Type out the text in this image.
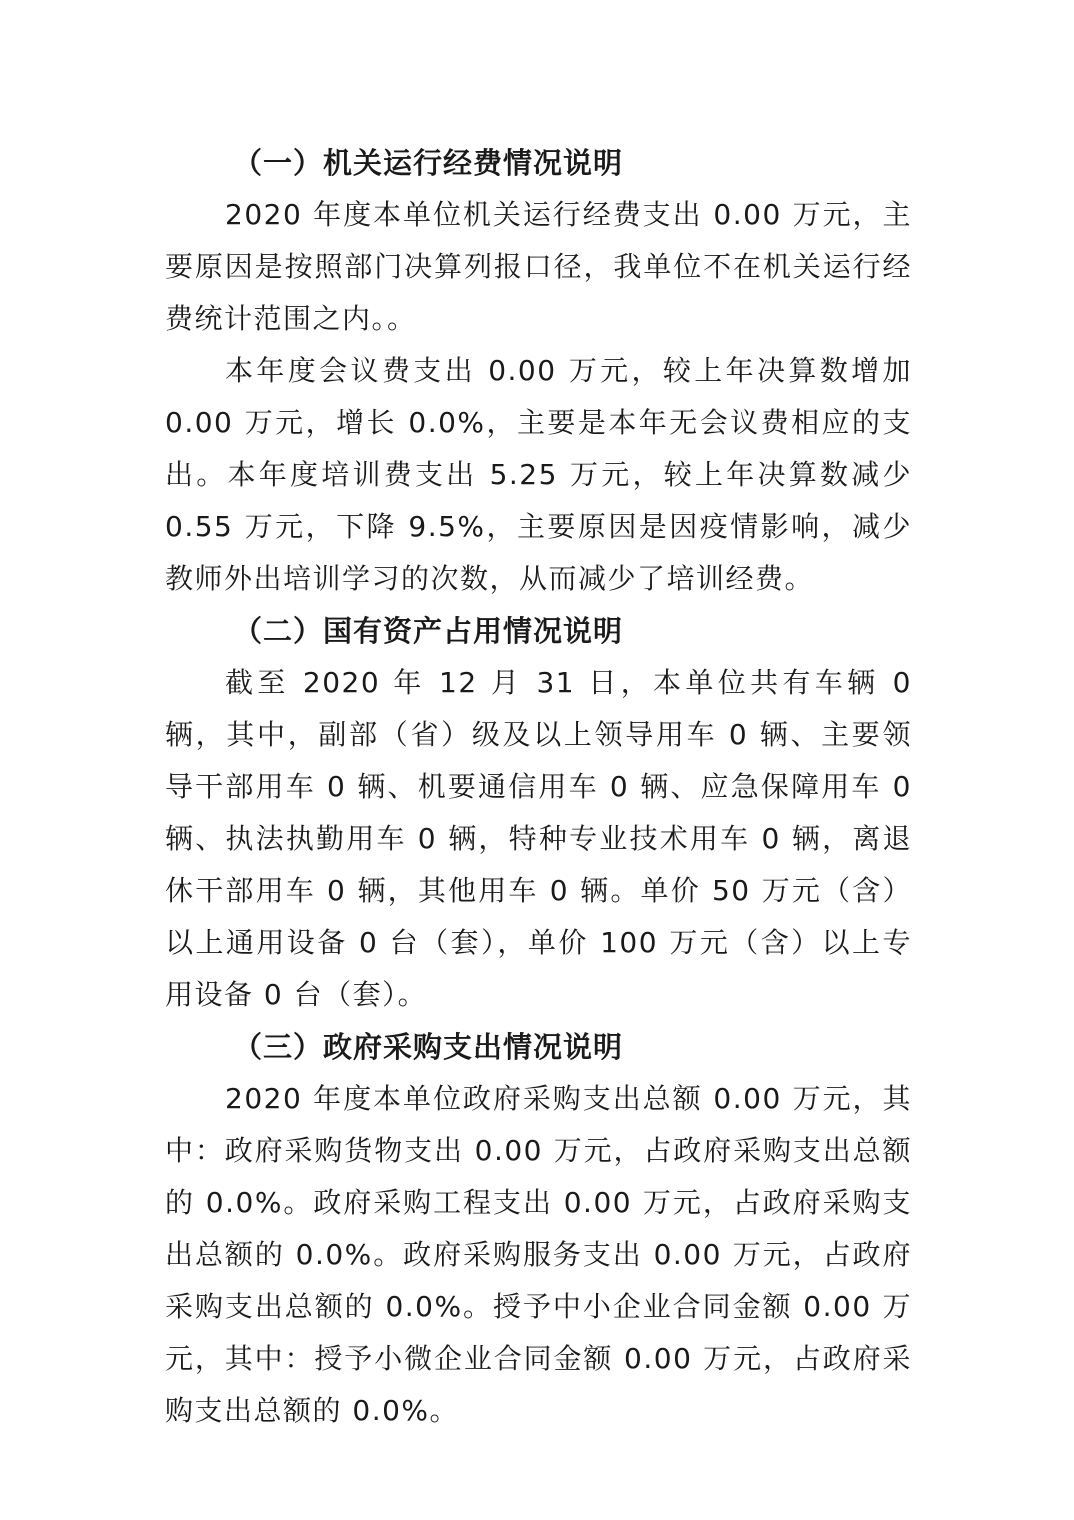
（一）机关运行经费情况说明

2020 年度本单位机关运行经费支出 0.00 万元，主要原因是按照部门决算列报口径，我单位不在机关运行经费统计范围之内。。

本年度会议费支出 0.00 万元，较上年决算数增加 0.00 万元，增长 0.0%，主要是本年无会议费相应的支出。本年度培训费支出 5.25 万元，较上年决算数减少 0.55 万元，下降 9.5%，主要原因是因疫情影响，减少教师外出培训学习的次数，从而减少了培训经费。

（二）国有资产占用情况说明

截至 2020 年 12 月 31 日，本单位共有车辆 0 辆，其中，副部（省）级及以上领导用车 0 辆、主要领导干部用车 0 辆、机要通信用车 0 辆、应急保障用车 0 辆、执法执勤用车 0 辆，特种专业技术用车 0 辆，离退休干部用车 0 辆，其他用车 0 辆。单价 50 万元（含）以上通用设备 0 台（套），单价 100 万元（含）以上专用设备 0 台（套）。

（三）政府采购支出情况说明

2020 年度本单位政府采购支出总额 0.00 万元，其中：政府采购货物支出 0.00 万元，占政府采购支出总额的 0.0%。政府采购工程支出 0.00 万元，占政府采购支出总额的 0.0%。政府采购服务支出 0.00 万元，占政府采购支出总额的 0.0%。授予中小企业合同金额 0.00 万元，其中：授予小微企业合同金额 0.00 万元，占政府采购支出总额的 0.0%。
